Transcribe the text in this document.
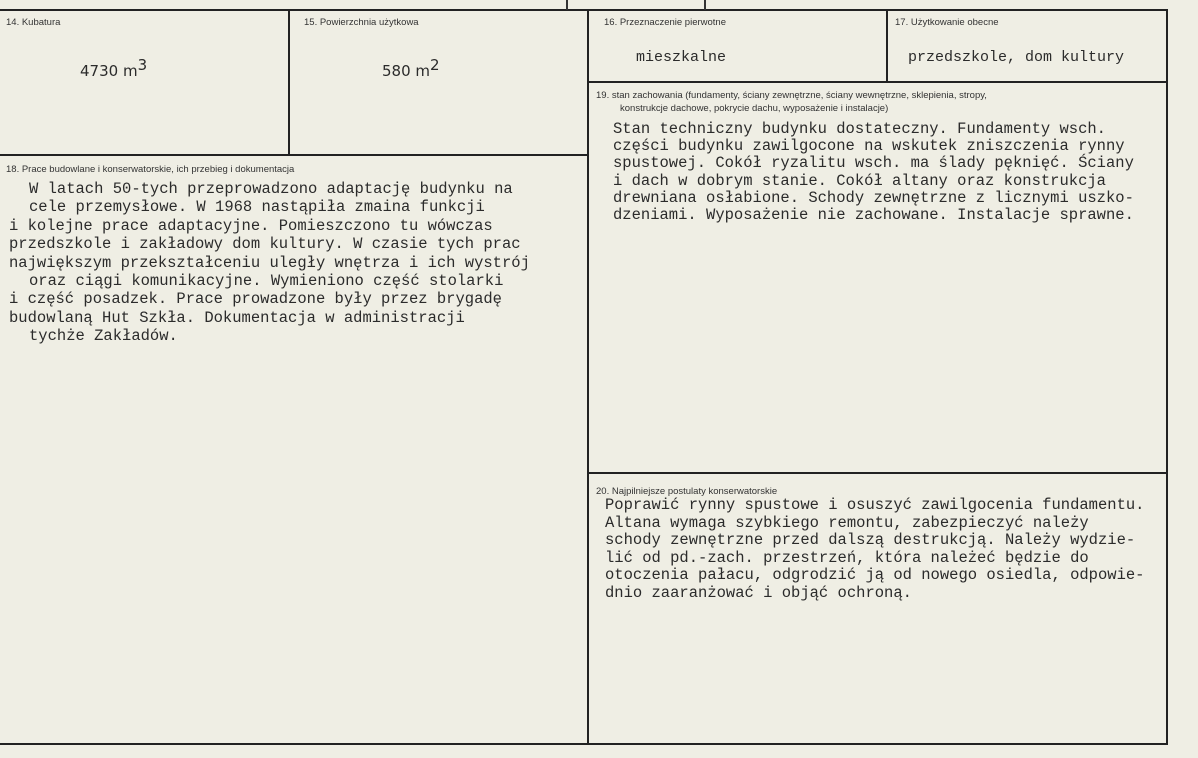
14. Kubatura
4730 $m^3$
15. Powierzchnia użytkowa
580 $m^2$
16. Przeznaczenie pierwotne
mieszkalne
17. Użytkowanie obecne
przedszkole, dom kultury
18. Prace budowlane i konserwatorskie, ich przebieg i dokumentacja
W latach 50-tych przeprowadzono adaptację budynku na
cele przemysłowe. W 1968 nastąpiła zmaina funkcji
i kolejne prace adaptacyjne. Pomieszczono tu wówczas
przedszkole i zakładowy dom kultury. W czasie tych prac
największym przekształceniu uległy wnętrza i ich wystrój
oraz ciągi komunikacyjne. Wymieniono część stolarki
i część posadzek. Prace prowadzone były przez brygadę
budowlaną Hut Szkła. Dokumentacja w administracji
tychże Zakładów.
19. stan zachowania (fundamenty, ściany zewnętrzne, ściany wewnętrzne, sklepienia, stropy,
konstrukcje dachowe, pokrycie dachu, wyposażenie i instalacje)
Stan techniczny budynku dostateczny. Fundamenty wsch.
części budynku zawilgocone na wskutek zniszczenia rynny
spustowej. Cokół ryzalitu wsch. ma ślady pęknięć. Ściany
i dach w dobrym stanie. Cokół altany oraz konstrukcja
drewniana osłabione. Schody zewnętrzne z licznymi uszko-
dzeniami. Wyposażenie nie zachowane. Instalacje sprawne.
20. Najpilniejsze postulaty konserwatorskie
Poprawić rynny spustowe i osuszyć zawilgocenia fundamentu.
Altana wymaga szybkiego remontu, zabezpieczyć należy
schody zewnętrzne przed dalszą destrukcją. Należy wydzie-
lić od pd.-zach. przestrzeń, która należeć będzie do
otoczenia pałacu, odgrodzić ją od nowego osiedla, odpowie-
dnio zaaranżować i objąć ochroną.
